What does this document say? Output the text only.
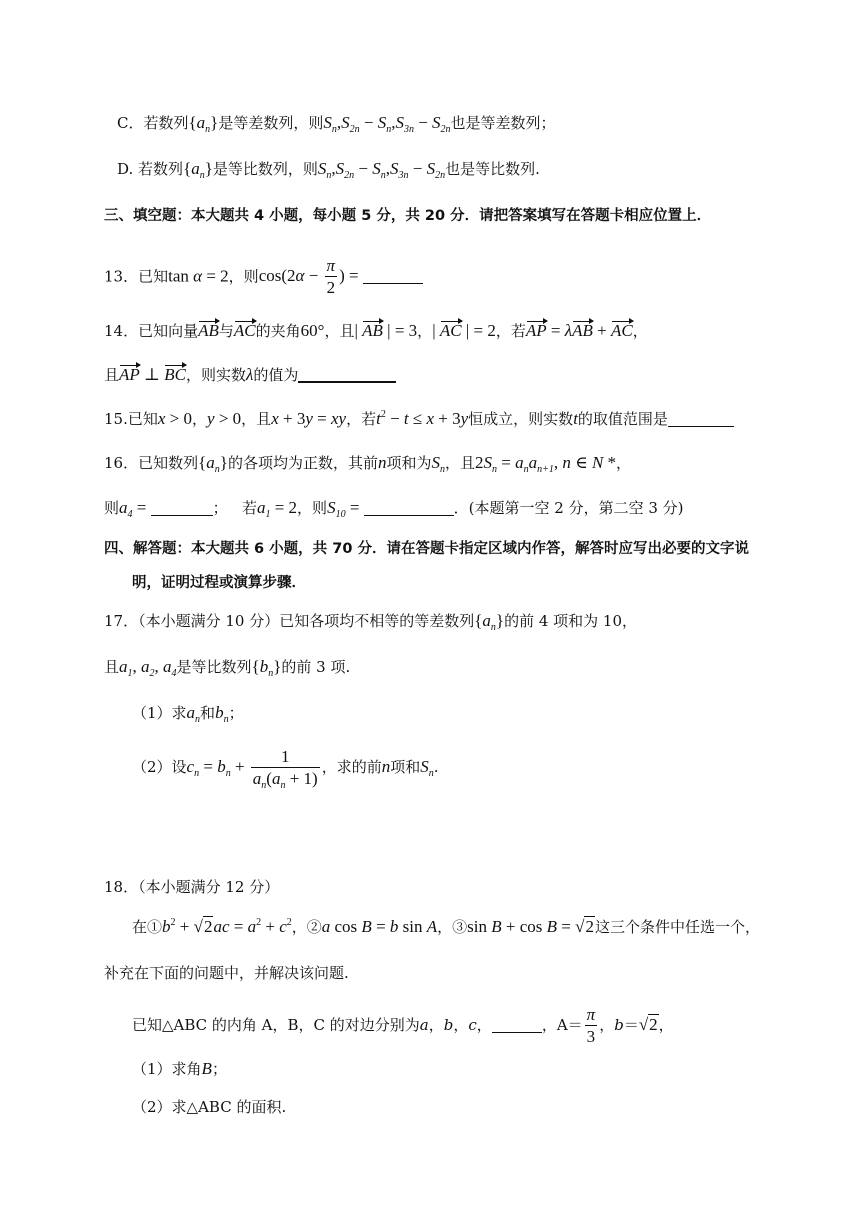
C．若数列$\{a_n\}$是等差数列，则$S_n,S_{2n} - S_n,S_{3n} - S_{2n}$也是等差数列；
D. 若数列$\{a_n\}$是等比数列，则$S_n,S_{2n} - S_n,S_{3n} - S_{2n}$也是等比数列.
三、填空题：本大题共 4 小题，每小题 5 分，共 20 分．请把答案填写在答题卡相应位置上．
13．已知tan α = 2，则$\cos(2\alpha - \frac{\pi}{2}$ ) =
14．已知向量AB与AC的夹角60°，且| AB | = 3，| AC | = 2，若AP = λAB + AC，
且AP ⊥ BC，则实数λ的值为
15.已知x > 0，y > 0，且x + 3y = xy，若$t^2 - t \le x + 3y$恒成立，则实数t的取值范围是
16．已知数列$\{a_n\}$的各项均为正数，其前n项和为$S_n$，且$2S_n = a_na_{n+1}$, n ∈ N *，
则$a_4$ =	； 若$a_1 = 2$，则$S_{10}$ =	．(本题第一空 2 分，第二空 3 分)
四、解答题：本大题共 6 小题，共 70 分．请在答题卡指定区域内作答，解答时应写出必要的文字说
明，证明过程或演算步骤．
17．（本小题满分 10 分）已知各项均不相等的等差数列$\{a_n\}$的前 4 项和为 10，
且$a_1$, $a_2$, $a_4$是等比数列$\{b_n\}$的前 3 项.
（1）求$a_n$和$b_n$；
（2）设$c_n = b_n + \frac{1}{a_n(a_n + 1)}$ ，求的前n项和$S_n$.
18．（本小题满分 12 分）
在$①b^2 + √2ac = a^2 + c^2$，②a cos B = b sin A，③sin B + cos B = √2这三个条件中任选一个，
补充在下面的问题中，并解决该问题.
已知△ABC 的内角 A，B，C 的对边分别为a，b，c，	，$A= \frac{\pi}{3}$ ，b＝√2，
（1）求角B；
（2）求△ABC 的面积.
